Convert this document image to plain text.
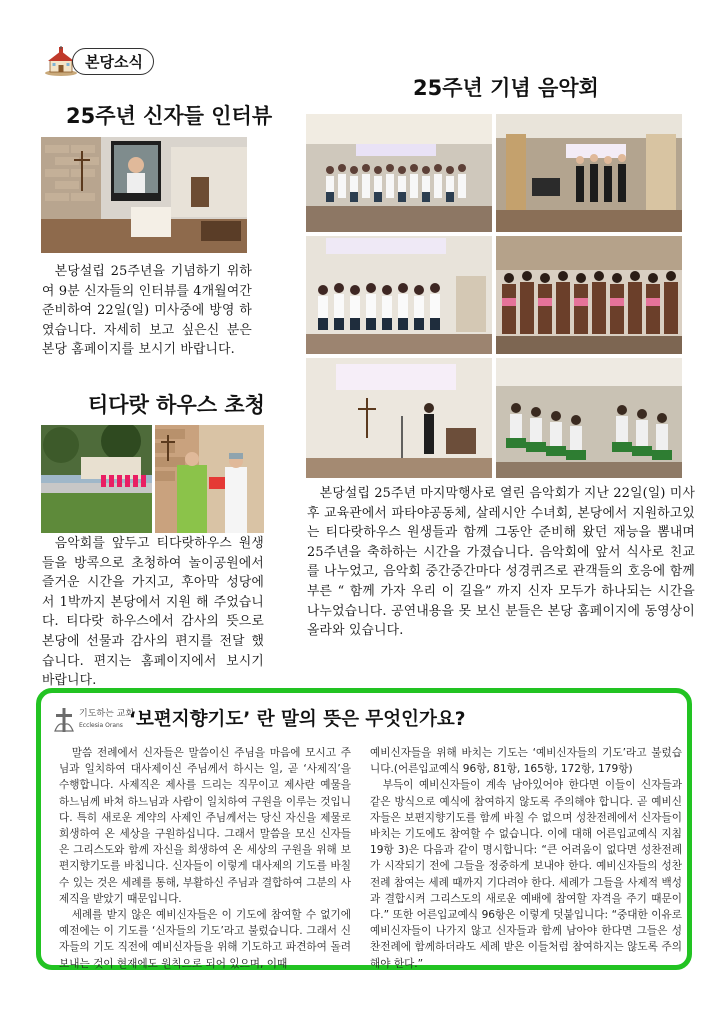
본당소식
25주년 신자들 인터뷰

본당설립 25주년을 기념하기 위하여 9분 신자들의 인터뷰를 4개월여간 준비하여 22일(일) 미사중에 방영 하였습니다. 자세히 보고 싶은신 분은 본당 홈페이지를 보시기 바랍니다.

25주년 기념 음악회

본당설립 25주년 마지막행사로 열린 음악회가 지난 22일(일) 미사 후 교육관에서 파타야공동체, 살레시안 수녀회, 본당에서 지원하고있는 티다랏하우스 원생들과 함께 그동안 준비해 왔던 재능을 뽐내며 25주년을 축하하는 시간을 가졌습니다. 음악회에 앞서 식사로 친교를 나누었고, 음악회 중간중간마다 성경퀴즈로 관객들의 호응에 함께 부른 “ 함께 가자 우리 이 길을” 까지 신자 모두가 하나되는 시간을 나누었습니다. 공연내용을 못 보신 분들은 본당 홈페이지에 동영상이 올라와 있습니다.

티다랏 하우스 초청

음악회를 앞두고 티다랏하우스 원생들을 방콕으로 초청하여 놀이공원에서 즐거운 시간을 가지고, 후아막 성당에서 1박까지 본당에서 지원 해 주었습니다. 티다랏 하우스에서 감사의 뜻으로 본당에 선물과 감사의 편지를 전달 했습니다. 편지는 홈페이지에서 보시기 바랍니다.

기도하는 교회
Ecclesia Orans ‘보편지향기도’ 란 말의 뜻은 무엇인가요?

말씀 전례에서 신자들은 말씀이신 주님을 마음에 모시고 주님과 일치하여 대사제이신 주님께서 하시는 일, 곧 ‘사제직’을 수행합니다. 사제직은 제사를 드리는 직무이고 제사란 예물을 하느님께 바쳐 하느님과 사람이 일치하여 구원을 이루는 것입니다. 특히 새로운 계약의 사제인 주님께서는 당신 자신을 제물로 희생하여 온 세상을 구원하십니다. 그래서 말씀을 모신 신자들은 그리스도와 함께 자신을 희생하여 온 세상의 구원을 위해 보편지향기도를 바칩니다. 신자들이 이렇게 대사제의 기도를 바칠 수 있는 것은 세례를 통해, 부활하신 주님과 결합하여 그분의 사제직을 받았기 때문입니다.

세례를 받지 않은 예비신자들은 이 기도에 참여할 수 없기에 예전에는 이 기도를 ‘신자들의 기도’라고 불렀습니다. 그래서 신자들의 기도 직전에 예비신자들을 위해 기도하고 파견하여 돌려보내는 것이 현재에도 원칙으로 되어 있으며, 이때

예비신자들을 위해 바치는 기도는 ‘예비신자들의 기도’라고 불렀습니다.(어른입교예식 96항, 81항, 165항, 172항, 179항)

부득이 예비신자들이 계속 남아있어야 한다면 이들이 신자들과 같은 방식으로 예식에 참여하지 않도록 주의해야 합니다. 곧 예비신자들은 보편지향기도를 함께 바칠 수 없으며 성찬전례에서 신자들이 바치는 기도에도 참여할 수 없습니다. 이에 대해 어른입교예식 지침 19항 3)은 다음과 같이 명시합니다: “큰 어려움이 없다면 성찬전례가 시작되기 전에 그들을 정중하게 보내야 한다. 예비신자들의 성찬전례 참여는 세례 때까지 기다려야 한다. 세례가 그들을 사제적 백성과 결합시켜 그리스도의 새로운 예배에 참여할 자격을 주기 때문이다.” 또한 어른입교예식 96항은 이렇게 덧붙입니다: “중대한 이유로 예비신자들이 나가지 않고 신자들과 함께 남아야 한다면 그들은 성찬전례에 함께하더라도 세례 받은 이들처럼 참여하지는 않도록 주의해야 한다.”
